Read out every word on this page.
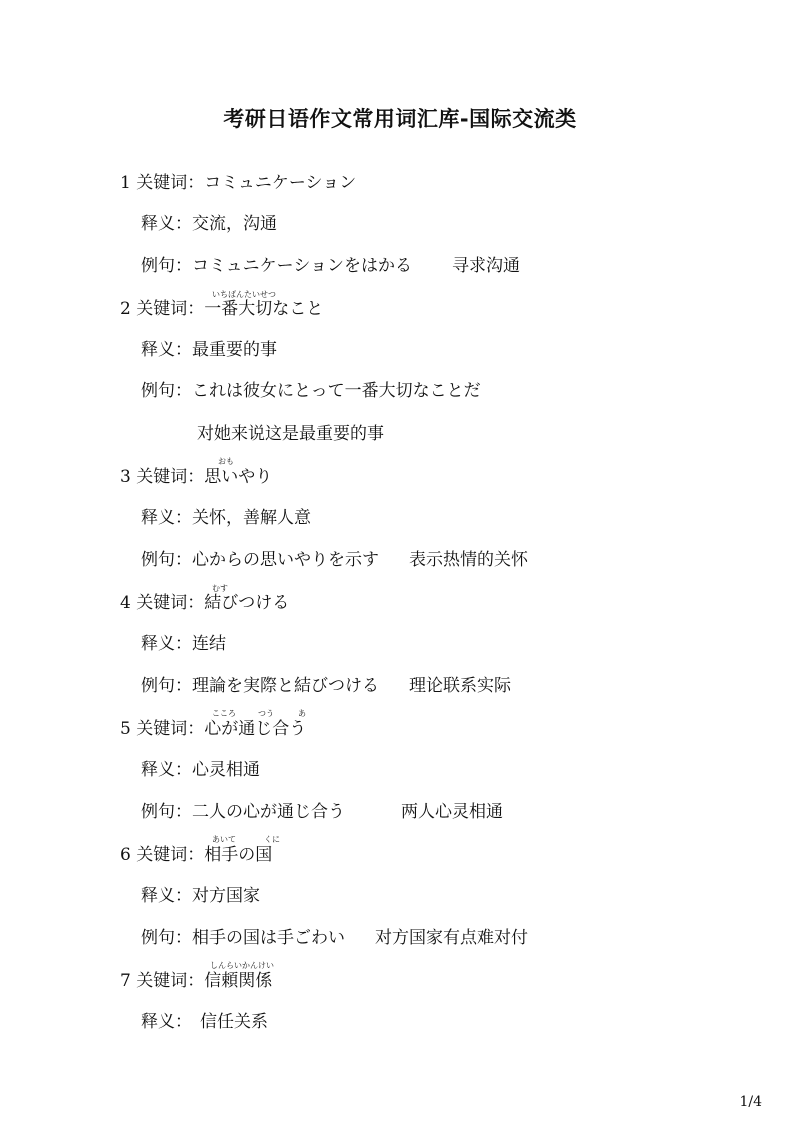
考研日语作文常用词汇库-国际交流类
1 关键词：コミュニケーション
释义：交流，沟通
例句：コミュニケーションをはかる 寻求沟通
いちばんたいせつ
2 关键词：一番大切なこと
释义：最重要的事
例句：これは彼女にとって一番大切なことだ
对她来说这是最重要的事
おも
3 关键词：思いやり
释义：关怀，善解人意
例句：心からの思いやりを示す 表示热情的关怀
むす
4 关键词：結びつける
释义：连结
例句：理論を実際と結びつける 理论联系实际
こころ	つう	あ
5 关键词：心が通じ合う
释义：心灵相通
例句：二人の心が通じ合う	两人心灵相通
あいて	くに
6 关键词：相手の国
释义：对方国家
例句：相手の国は手ごわい 对方国家有点难对付
しんらいかんけい
7 关键词：信頼関係
释义： 信任关系
1/4
